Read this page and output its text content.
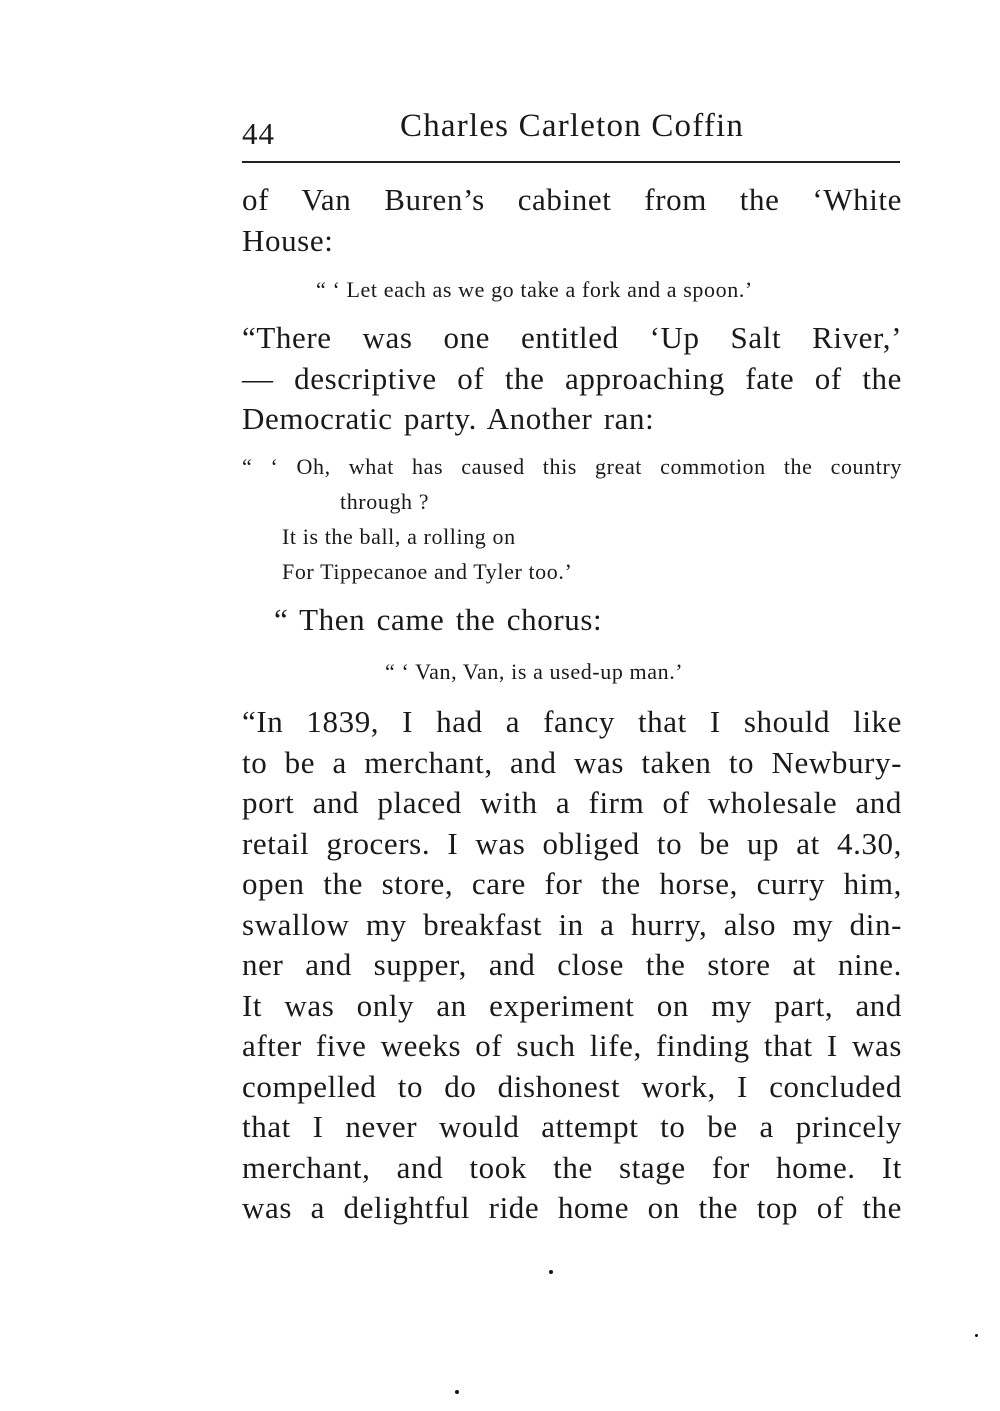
44	Charles Carleton Coffin
of Van Buren’s cabinet from the ‘White
House:
“ ‘ Let each as we go take a fork and a spoon.’
“There was one entitled ‘Up Salt River,’
— descriptive of the approaching fate of the
Democratic party. Another ran:
“ ‘ Oh, what has caused this great commotion the country
through ?
It is the ball, a rolling on
For Tippecanoe and Tyler too.’
“ Then came the chorus:
“ ‘ Van, Van, is a used-up man.’
“In 1839, I had a fancy that I should like
to be a merchant, and was taken to Newbury-
port and placed with a firm of wholesale and
retail grocers. I was obliged to be up at 4.30,
open the store, care for the horse, curry him,
swallow my breakfast in a hurry, also my din-
ner and supper, and close the store at nine.
It was only an experiment on my part, and
after five weeks of such life, finding that I was
compelled to do dishonest work, I concluded
that I never would attempt to be a princely
merchant, and took the stage for home. It
was a delightful ride home on the top of the
